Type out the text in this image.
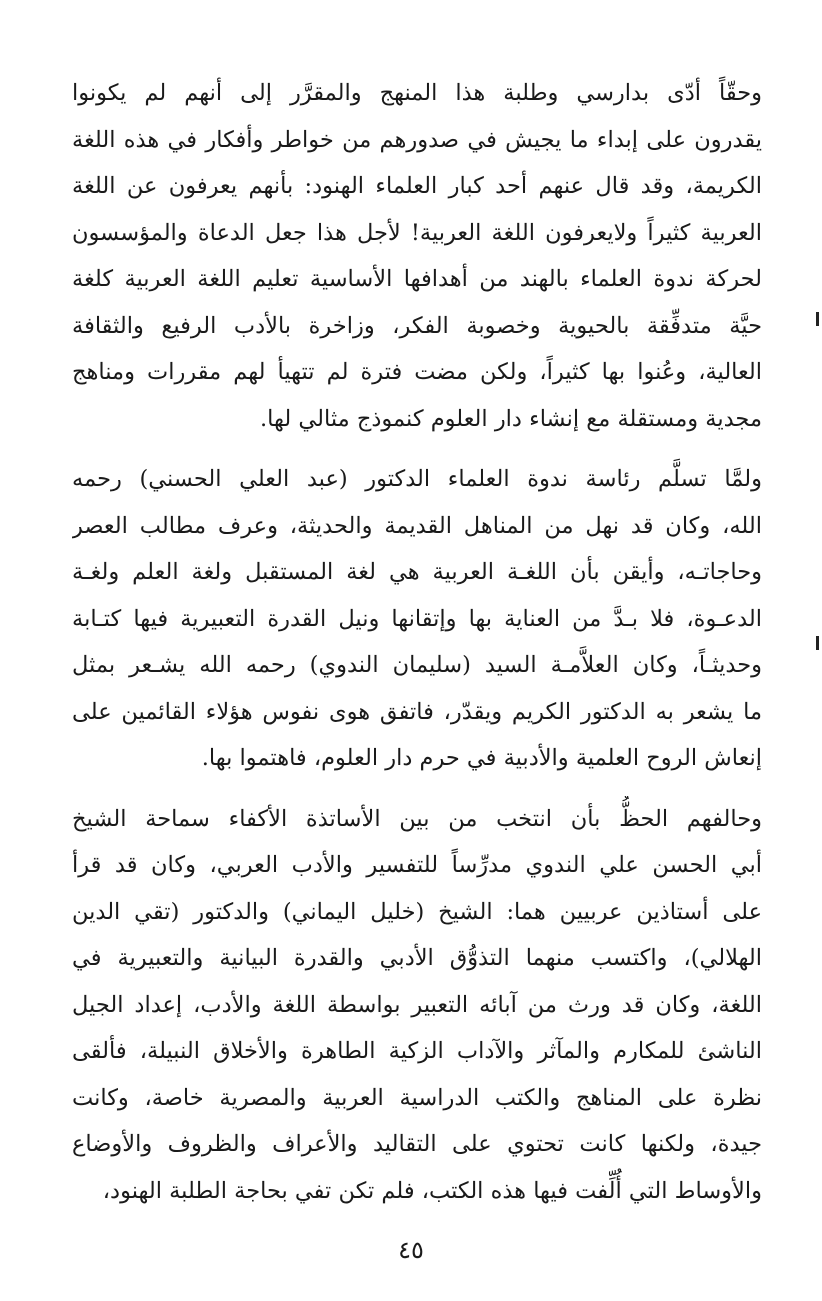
وحقّاً أدّى بدارسي وطلبة هذا المنهج والمقرَّر إلى أنهم لم يكونوا
يقدرون على إبداء ما يجيش في صدورهم من خواطر وأفكار في هذه اللغة
الكريمة، وقد قال عنهم أحد كبار العلماء الهنود: بأنهم يعرفون عن اللغة
العربية كثيراً ولايعرفون اللغة العربية! لأجل هذا جعل الدعاة والمؤسسون
لحركة ندوة العلماء بالهند من أهدافها الأساسية تعليم اللغة العربية كلغة
حيَّة متدفِّقة بالحيوية وخصوبة الفكر، وزاخرة بالأدب الرفيع والثقافة
العالية، وعُنوا بها كثيراً، ولكن مضت فترة لم تتهيأ لهم مقررات ومناهج
مجدية ومستقلة مع إنشاء دار العلوم كنموذج مثالي لها.
ولمَّا تسلَّم رئاسة ندوة العلماء الدكتور (عبد العلي الحسني) رحمه
الله، وكان قد نهل من المناهل القديمة والحديثة، وعرف مطالب العصر
وحاجاتـه، وأيقن بأن اللغـة العربية هي لغة المستقبل ولغة العلم ولغـة
الدعـوة، فلا بـدَّ من العناية بها وإتقانها ونيل القدرة التعبيرية فيها كتـابة
وحديثـاً، وكان العلاَّمـة السيد (سليمان الندوي) رحمه الله يشـعر بمثل
ما يشعر به الدكتور الكريم ويقدّر، فاتفق هوى نفوس هؤلاء القائمين على
إنعاش الروح العلمية والأدبية في حرم دار العلوم، فاهتموا بها.
وحالفهم الحظُّ بأن انتخب من بين الأساتذة الأكفاء سماحة الشيخ
أبي الحسن علي الندوي مدرِّساً للتفسير والأدب العربي، وكان قد قرأ
على أستاذين عربيين هما: الشيخ (خليل اليماني) والدكتور (تقي الدين
الهلالي)، واكتسب منهما التذوُّق الأدبي والقدرة البيانية والتعبيرية في
اللغة، وكان قد ورث من آبائه التعبير بواسطة اللغة والأدب، إعداد الجيل
الناشئ للمكارم والمآثر والآداب الزكية الطاهرة والأخلاق النبيلة، فألقى
نظرة على المناهج والكتب الدراسية العربية والمصرية خاصة، وكانت
جيدة، ولكنها كانت تحتوي على التقاليد والأعراف والظروف والأوضاع
والأوساط التي أُلِّفت فيها هذه الكتب، فلم تكن تفي بحاجة الطلبة الهنود،
٤٥
